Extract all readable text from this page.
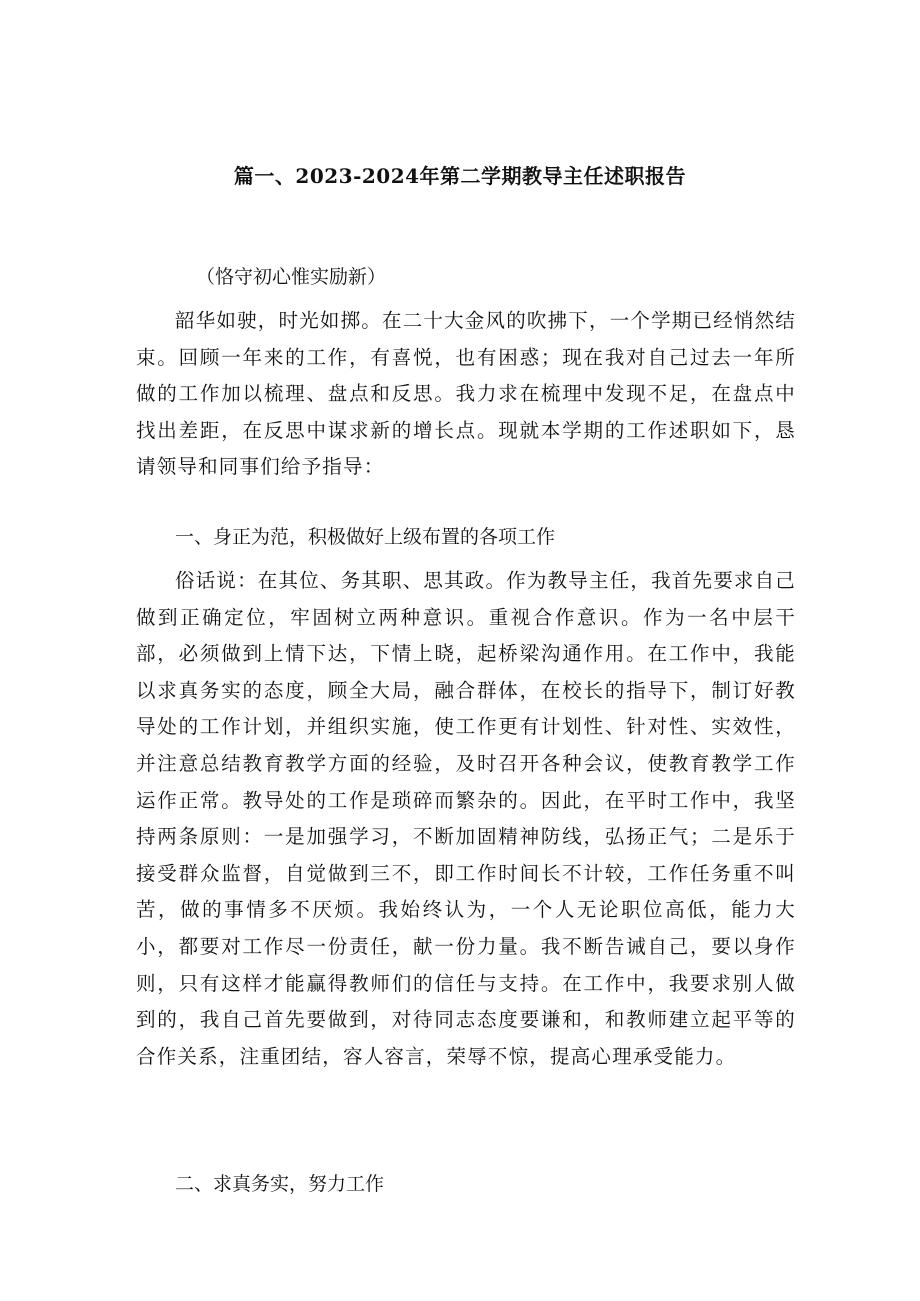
篇一、2023-2024年第二学期教导主任述职报告
（恪守初心惟实励新）

韶华如驶，时光如掷。在二十大金风的吹拂下，一个学期已经悄然结束。回顾一年来的工作，有喜悦，也有困惑；现在我对自己过去一年所做的工作加以梳理、盘点和反思。我力求在梳理中发现不足，在盘点中找出差距，在反思中谋求新的增长点。现就本学期的工作述职如下，恳请领导和同事们给予指导：

一、身正为范，积极做好上级布置的各项工作

俗话说：在其位、务其职、思其政。作为教导主任，我首先要求自己做到正确定位，牢固树立两种意识。重视合作意识。作为一名中层干部，必须做到上情下达，下情上晓，起桥梁沟通作用。在工作中，我能以求真务实的态度，顾全大局，融合群体，在校长的指导下，制订好教导处的工作计划，并组织实施，使工作更有计划性、针对性、实效性，并注意总结教育教学方面的经验，及时召开各种会议，使教育教学工作运作正常。教导处的工作是琐碎而繁杂的。因此，在平时工作中，我坚持两条原则：一是加强学习，不断加固精神防线，弘扬正气；二是乐于接受群众监督，自觉做到三不，即工作时间长不计较，工作任务重不叫苦，做的事情多不厌烦。我始终认为，一个人无论职位高低，能力大小，都要对工作尽一份责任，献一份力量。我不断告诫自己，要以身作则，只有这样才能赢得教师们的信任与支持。在工作中，我要求别人做到的，我自己首先要做到，对待同志态度要谦和，和教师建立起平等的合作关系，注重团结，容人容言，荣辱不惊，提高心理承受能力。

二、求真务实，努力工作
